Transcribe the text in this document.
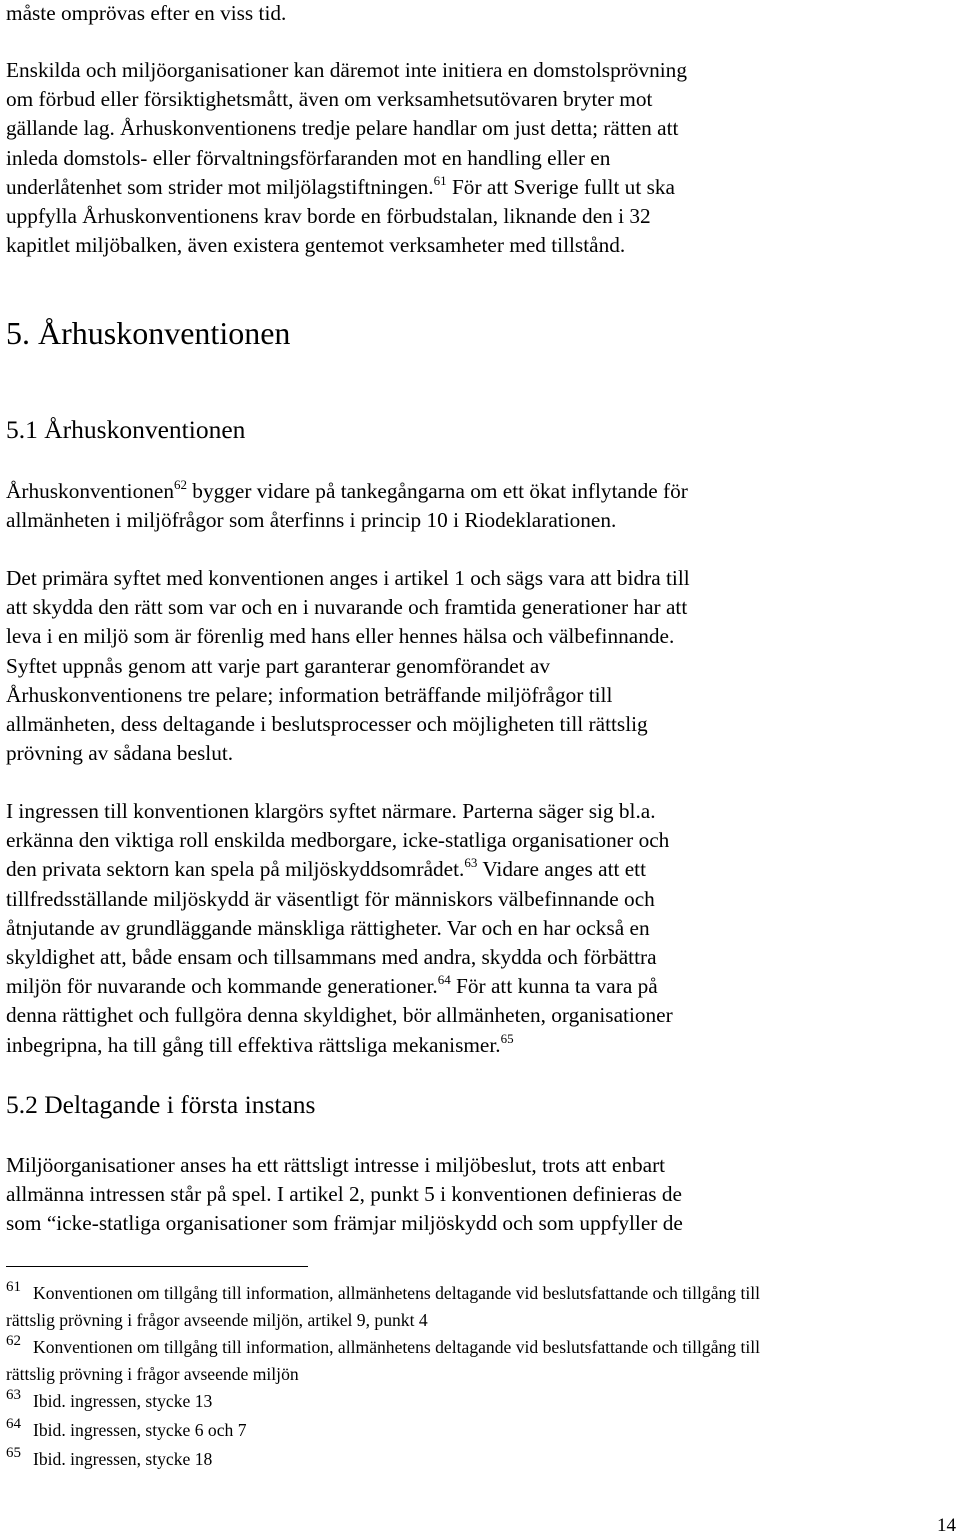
måste omprövas efter en viss tid.
Enskilda och miljöorganisationer kan däremot inte initiera en domstolsprövning
om förbud eller försiktighetsmått, även om verksamhetsutövaren bryter mot
gällande lag. Århuskonventionens tredje pelare handlar om just detta; rätten att
inleda domstols- eller förvaltningsförfaranden mot en handling eller en
underlåtenhet som strider mot miljölagstiftningen.$^{61}$ För att Sverige fullt ut ska
uppfylla Århuskonventionens krav borde en förbudstalan, liknande den i 32
kapitlet miljöbalken, även existera gentemot verksamheter med tillstånd.
5. Århuskonventionen
5.1 Århuskonventionen
Århuskonventionen$^{62}$ bygger vidare på tankegångarna om ett ökat inflytande för
allmänheten i miljöfrågor som återfinns i princip 10 i Riodeklarationen.
Det primära syftet med konventionen anges i artikel 1 och sägs vara att bidra till
att skydda den rätt som var och en i nuvarande och framtida generationer har att
leva i en miljö som är förenlig med hans eller hennes hälsa och välbefinnande.
Syftet uppnås genom att varje part garanterar genomförandet av
Århuskonventionens tre pelare; information beträffande miljöfrågor till
allmänheten, dess deltagande i beslutsprocesser och möjligheten till rättslig
prövning av sådana beslut.
I ingressen till konventionen klargörs syftet närmare. Parterna säger sig bl.a.
erkänna den viktiga roll enskilda medborgare, icke-statliga organisationer och
den privata sektorn kan spela på miljöskyddsområdet.$^{63}$ Vidare anges att ett
tillfredsställande miljöskydd är väsentligt för människors välbefinnande och
åtnjutande av grundläggande mänskliga rättigheter. Var och en har också en
skyldighet att, både ensam och tillsammans med andra, skydda och förbättra
miljön för nuvarande och kommande generationer.$^{64}$ För att kunna ta vara på
denna rättighet och fullgöra denna skyldighet, bör allmänheten, organisationer
inbegripna, ha till gång till effektiva rättsliga mekanismer.$^{65}$
5.2 Deltagande i första instans
Miljöorganisationer anses ha ett rättsligt intresse i miljöbeslut, trots att enbart
allmänna intressen står på spel. I artikel 2, punkt 5 i konventionen definieras de
som “icke-statliga organisationer som främjar miljöskydd och som uppfyller de
61 Konventionen om tillgång till information, allmänhetens deltagande vid beslutsfattande och tillgång till
rättslig prövning i frågor avseende miljön, artikel 9, punkt 4
62 Konventionen om tillgång till information, allmänhetens deltagande vid beslutsfattande och tillgång till
rättslig prövning i frågor avseende miljön
63 Ibid. ingressen, stycke 13
64 Ibid. ingressen, stycke 6 och 7
65 Ibid. ingressen, stycke 18

14
